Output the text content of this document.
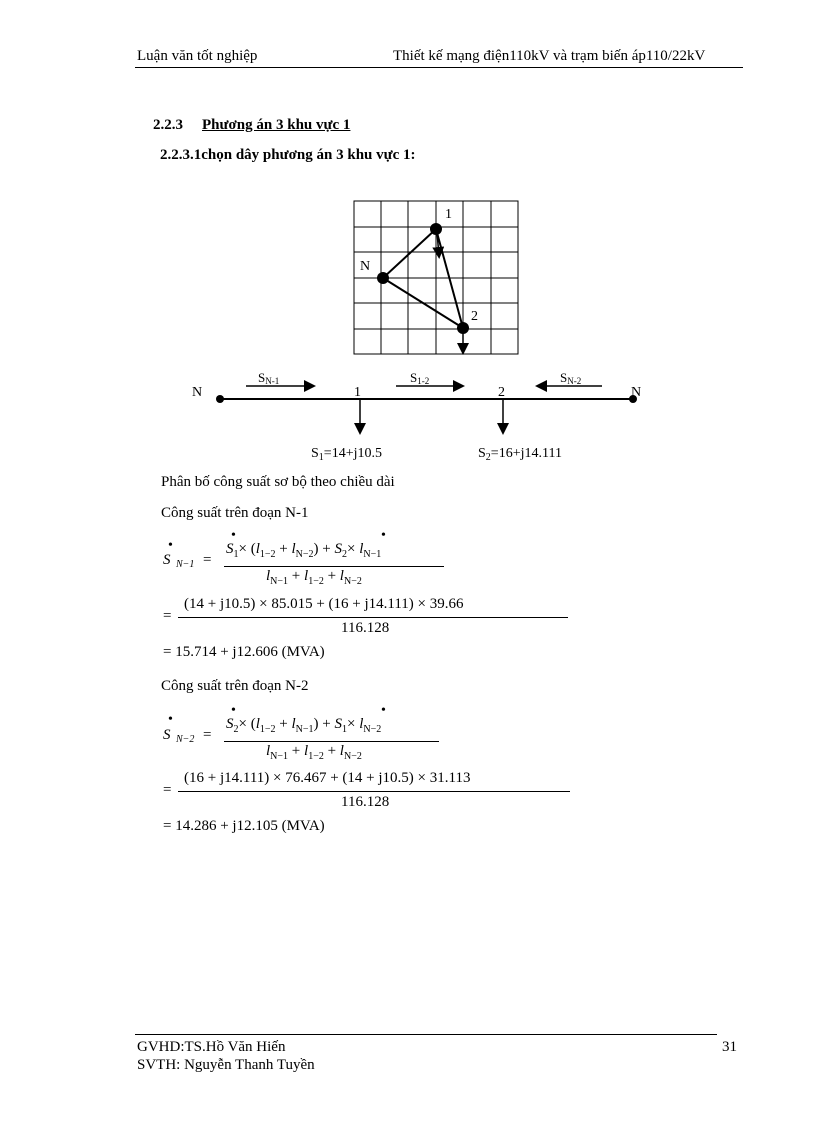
Luận văn tốt nghiệp	Thiết kế mạng điện110kV và trạm biến áp110/22kV
2.2.3 Phương án 3 khu vực 1
2.2.3.1chọn dây phương án 3 khu vực 1:
1
N
2
N	N
1	2
SN-1	S1-2	SN-2
$S_1=14+j10.5$	$S_2=16+j14.111$
Phân bố công suất sơ bộ theo chiều dài
Công suất trên đoạn N-1
•
S N−1 =
•
$S_1\times (l_{1-2} + l_{N-2}) + S_2\times l_{N-1}$
•
$l_{N-1} + l_{1-2} + l_{N-2}$
=
(14 + j10.5) × 85.015 + (16 + j14.111) × 39.66
116.128
= 15.714 + j12.606 (MVA)
Công suất trên đoạn N-2
•
S N−2 =
•
$S_2\times (l_{1-2} + l_{N-1}) + S_1\times l_{N-2}$
•
$l_{N-1} + l_{1-2} + l_{N-2}$
=
(16 + j14.111) × 76.467 + (14 + j10.5) × 31.113
116.128
= 14.286 + j12.105 (MVA)
GVHD:TS.Hồ Văn Hiến
SVTH: Nguyễn Thanh Tuyền
31
